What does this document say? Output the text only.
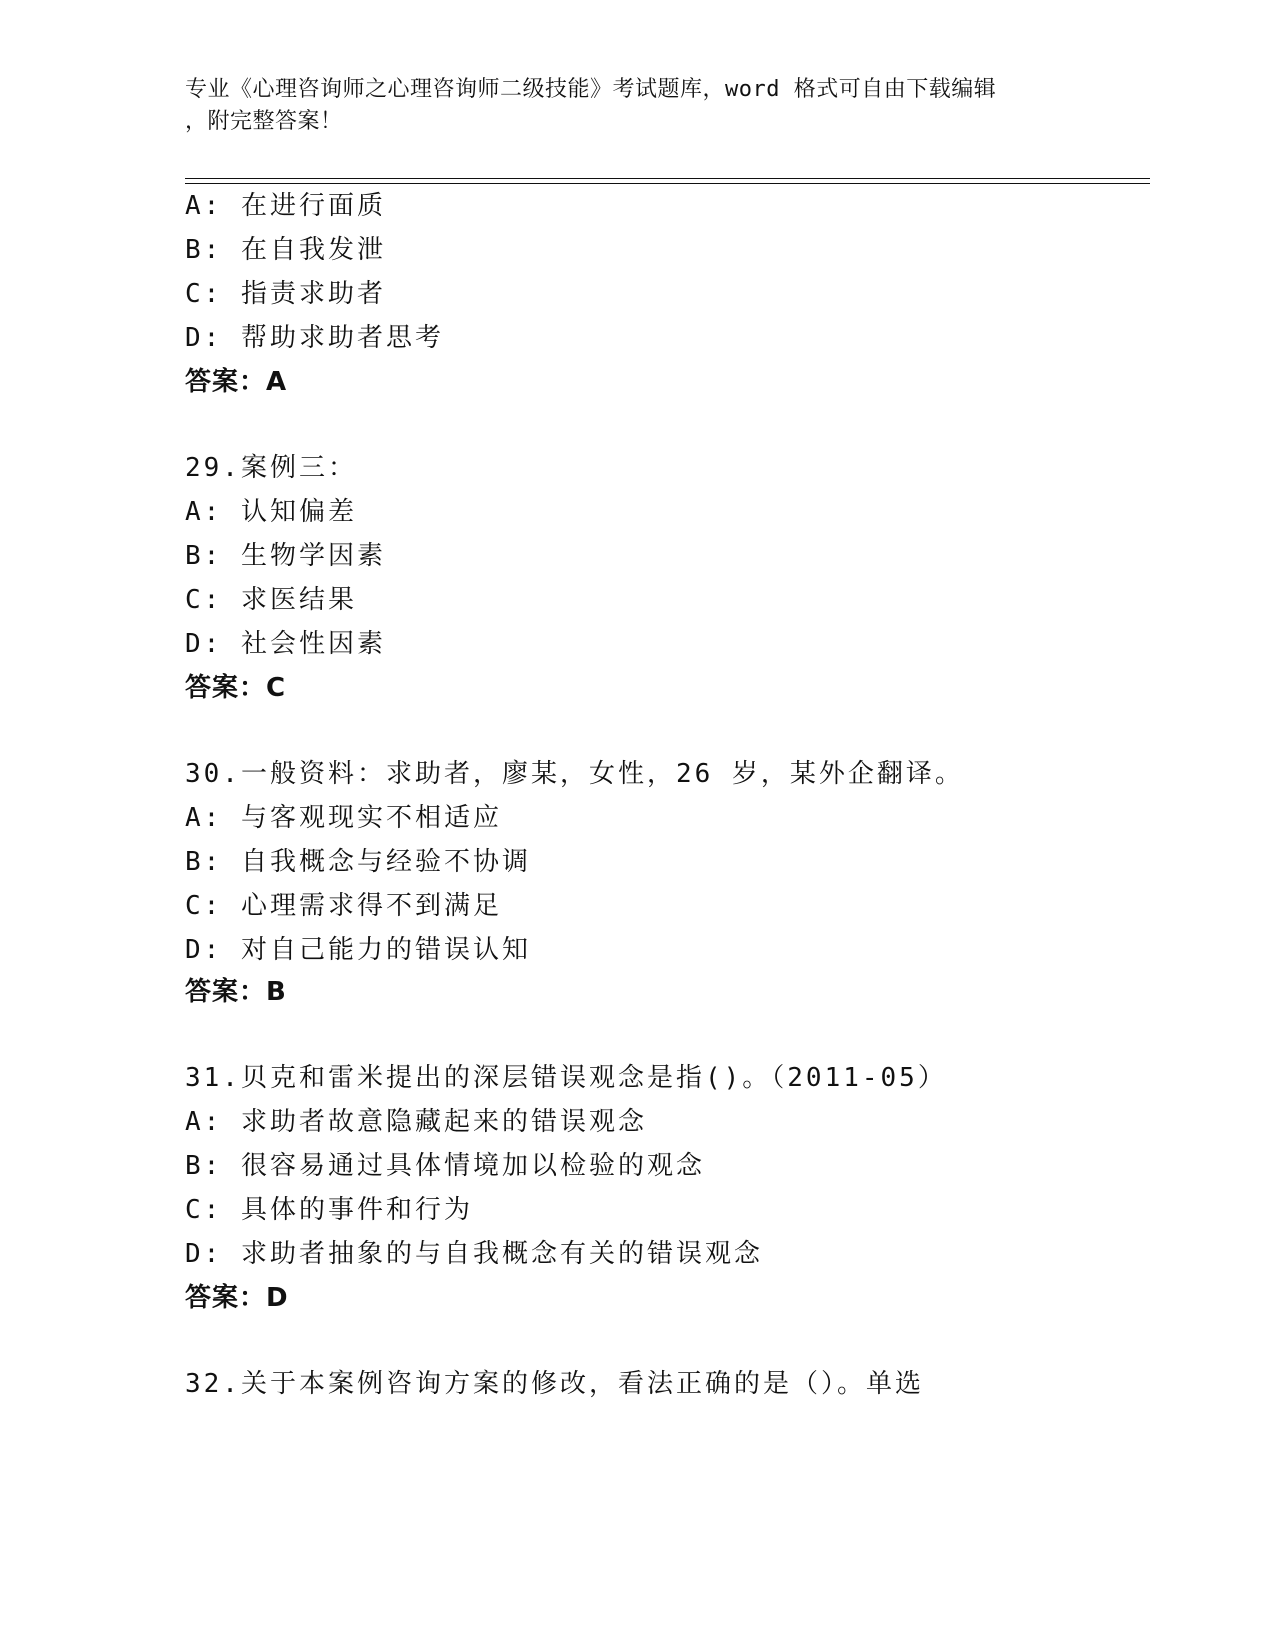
专业《心理咨询师之心理咨询师二级技能》考试题库，word 格式可自由下载编辑
，附完整答案！
A: 在进行面质
B: 在自我发泄
C: 指责求助者
D: 帮助求助者思考
答案：A
29.案例三：
A: 认知偏差
B: 生物学因素
C: 求医结果
D: 社会性因素
答案：C
30.一般资料：求助者，廖某，女性，26 岁，某外企翻译。
A: 与客观现实不相适应
B: 自我概念与经验不协调
C: 心理需求得不到满足
D: 对自己能力的错误认知
答案：B
31.贝克和雷米提出的深层错误观念是指()。（2011-05）
A: 求助者故意隐藏起来的错误观念
B: 很容易通过具体情境加以检验的观念
C: 具体的事件和行为
D: 求助者抽象的与自我概念有关的错误观念
答案：D
32.关于本案例咨询方案的修改，看法正确的是（）。单选
